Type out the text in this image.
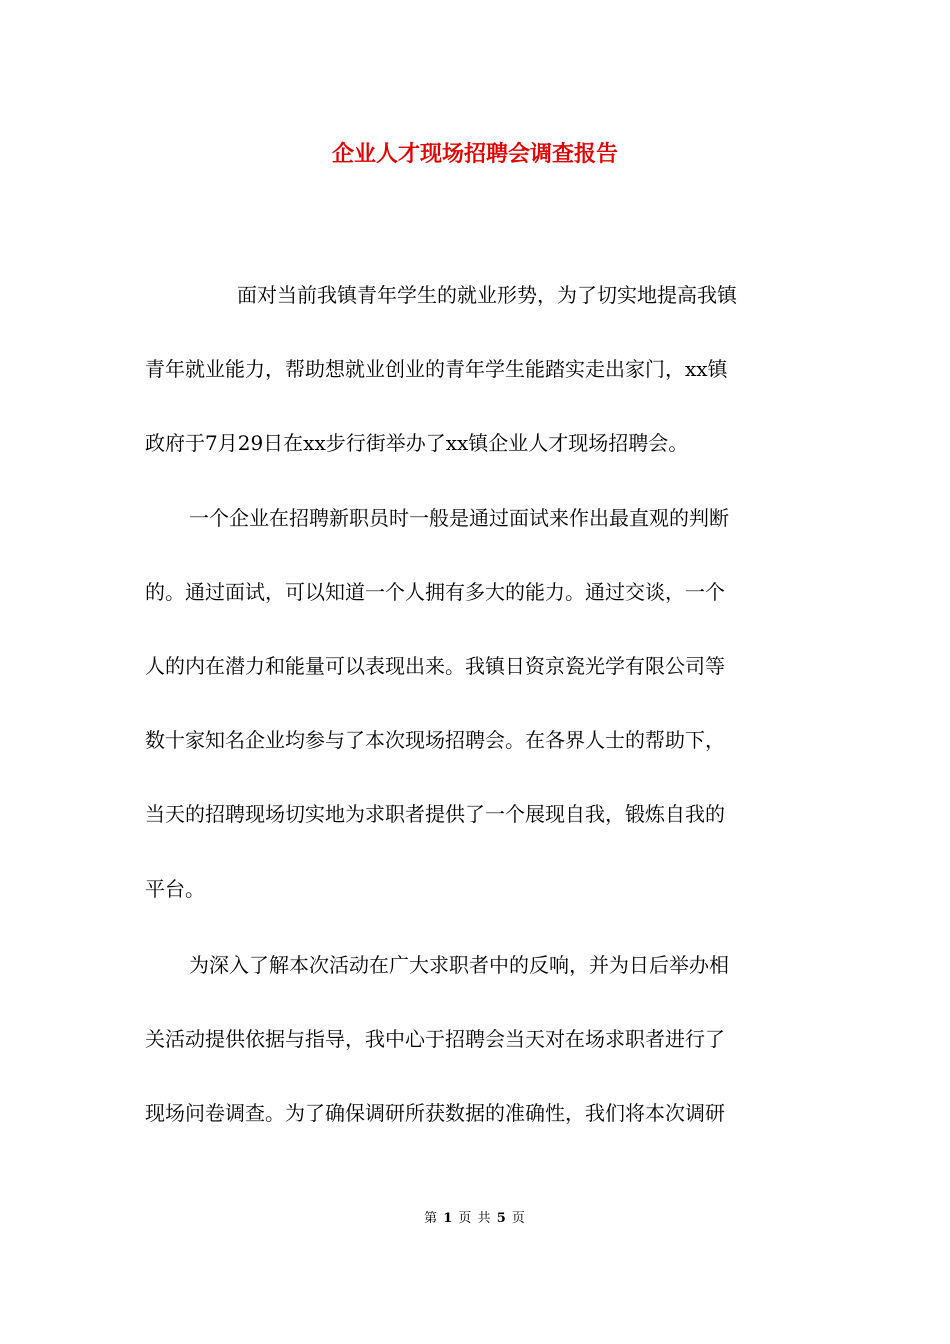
企业人才现场招聘会调查报告
面对当前我镇青年学生的就业形势，为了切实地提高我镇
青年就业能力，帮助想就业创业的青年学生能踏实走出家门，xx镇
政府于7月29日在xx步行街举办了xx镇企业人才现场招聘会。
一个企业在招聘新职员时一般是通过面试来作出最直观的判断
的。通过面试，可以知道一个人拥有多大的能力。通过交谈，一个
人的内在潜力和能量可以表现出来。我镇日资京瓷光学有限公司等
数十家知名企业均参与了本次现场招聘会。在各界人士的帮助下，
当天的招聘现场切实地为求职者提供了一个展现自我，锻炼自我的
平台。
为深入了解本次活动在广大求职者中的反响，并为日后举办相
关活动提供依据与指导，我中心于招聘会当天对在场求职者进行了
现场问卷调查。为了确保调研所获数据的准确性，我们将本次调研
第 1 页 共 5 页
